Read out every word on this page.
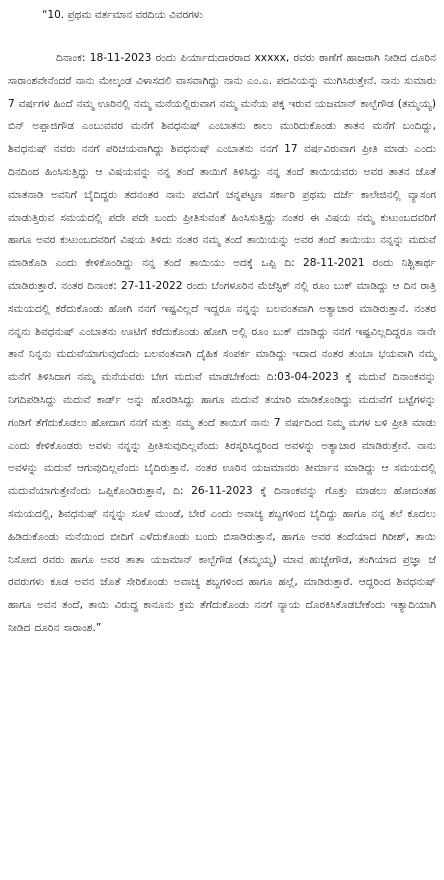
“10. ಪ್ರಥಮ ವರ್ತಮಾನ ವರದಿಯ ವಿವರಗಳು

ದಿನಾಂಕ: 18-11-2023 ರಂದು ಪಿರ್ಯಾದುದಾರರಾದ xxxxx, ರವರು ಠಾಣೆಗೆ ಹಾಜರಾಗಿ ನೀಡಿದ ದೂರಿನ ಸಾರಾಂಶವೇನೆಂದರೆ ನಾನು ಮೇಲ್ಕಂಡ ವಿಳಾಸದಲಿ ವಾಸವಾಗಿದ್ದು ನಾನು ಎಂ.ಎ. ಪದವಿಯನ್ನು ಮುಗಿಸಿರುತ್ತೇನೆ. ನಾನು ಸುಮಾರು 7 ವರ್ಷಗಳ ಹಿಂದೆ ನಮ್ಮ ಊರಿನಲ್ಲಿ ನಮ್ಮ ಮನೆಯಲ್ಲಿರುವಾಗ ನಮ್ಮ ಮನೆಯ ಪಕ್ಕ ಇರುವ ಯಜಮಾನ್ ಕಾಲ್ಬೆಗೌಡ (ತಮ್ಮಯ್ಯ) ಬಿನ್ ಅಪ್ಪಾಜಿಗೌಡ ಎಂಬುವವರ ಮನೆಗೆ ಶಿವಧನುಷ್ ಎಂಬಾತನು ಕಾಲು ಮುರಿದುಕೊಂಡು ತಾತನ ಮನೆಗೆ ಬಂದಿದ್ದು, ಶಿವಧನುಷ್ ನವರು ನನಗೆ ಪರಿಚಯವಾಗಿದ್ದು ಶಿವಧನುಷ್ ಎಂಬಾತನು ನನಗೆ 17 ವರ್ಷವಿರುವಾಗ ಪ್ರೀತಿ ಮಾಡು ಎಂದು ದಿನದಿಂದ ಹಿಂಸಿಸುತ್ತಿದ್ದು ಆ ವಿಷಯವನ್ನು ನನ್ನ ತಂದೆ ತಾಯಿಗೆ ತಿಳಿಸಿದ್ದು ನನ್ನ ತಂದೆ ತಾಯಿಯವರು ಅವರ ತಾತನ ಜೊತೆ ಮಾತನಾಡಿ ಅವನಿಗೆ ಬೈದಿದ್ದರು ತದನಂತರ ನಾನು ಪದವಿಗೆ ಚನ್ನಪಟ್ಟಣ ಸರ್ಕಾರಿ ಪ್ರಥಮ ದರ್ಜೆ ಕಾಲೇಜಿನಲ್ಲಿ ವ್ಯಾಸಂಗ ಮಾಡುತ್ತಿರುವ ಸಮಯದಲ್ಲಿ ಪದೇ ಪದೇ ಬಂದು ಪ್ರೀತಿಸುವಂತೆ ಹಿಂಸಿಸುತ್ತಿದ್ದು ನಂತರ ಈ ವಿಷಯ ನಮ್ಮ ಕುಟುಂಬದವರಿಗೆ ಹಾಗೂ ಅವರ ಕುಟುಂಬದವರಿಗೆ ವಿಷಯ ತಿಳಿದು ನಂತರ ನಮ್ಮ ತಂದೆ ತಾಯಿಯನ್ನು ಅವರ ತಂದೆ ತಾಯಿಯು ನನ್ನನ್ನು ಮದುವೆ ಮಾಡಿಕೊಡಿ ಎಂದು ಕೇಳಿಕೊಂಡಿದ್ದು ನನ್ನ ತಂದೆ ತಾಯಿಯು ಅದಕ್ಕೆ ಒಪ್ಪಿ ದಿ: 28-11-2021 ರಂದು ನಿಶ್ಚಿತಾರ್ಥ ಮಾಡಿರುತ್ತಾರೆ. ನಂತರ ದಿನಾಂಕ: 27-11-2022 ರಂದು ಬೆಂಗಳೂರಿನ ಮೆಜೆಸ್ಟಿಕ್ ನಲ್ಲಿ ರೂಂ ಬುಕ್ ಮಾಡಿದ್ದು ಆ ದಿನ ರಾತ್ರಿ ಸಮಯದಲ್ಲಿ ಕರೆದುಕೊಂಡು ಹೋಗಿ ನನಗೆ ಇಷ್ಟವಿಲ್ಲದೆ ಇದ್ದರೂ ನನ್ನನ್ನು ಬಲವಂತವಾಗಿ ಅತ್ಯಾಚಾರ ಮಾಡಿರುತ್ತಾನೆ. ನಂತರ ನನ್ನನು ಶಿವಧನುಷ್ ಎಂಬಾತನು ಊಟಿಗೆ ಕರೆದುಕೊಂಡು ಹೋಗಿ ಅಲ್ಲಿ ರೂಂ ಬುಕ್ ಮಾಡಿದ್ದು ನನಗೆ ಇಷ್ಟವಿಲ್ಲದಿದ್ದರೂ ನಾನೇ ತಾನೆ ನಿನ್ನನು ಮದುವೆಯಾಗುವುದೆಂದು ಬಲವಂತವಾಗಿ ದೈಹಿಕ ಸಂಪರ್ಕ ಮಾಡಿದ್ದು ಇದಾದ ನಂತರ ತುಂಬಾ ಭಯವಾಗಿ ನಮ್ಮ ಮನೆಗೆ ತಿಳಿಸಿದಾಗ ನಮ್ಮ ಮನೆಯವರು ಬೇಗ ಮದುವೆ ಮಾಡಬೇಕೆಂದು ದಿ:03-04-2023 ಕ್ಕೆ ಮದುವೆ ದಿನಾಂಕವನ್ನು ನಿಗದಿಪಡಿಸಿದ್ದು ಮದುವೆ ಕಾರ್ಡ್ ಅನ್ನು ಹೊರಡಿಸಿದ್ದು ಹಾಗೂ ಮದುವೆ ತಯಾರಿ ಮಾಡಿಕೊಂಡಿದ್ದು ಮದುವೆಗೆ ಬಟ್ಟೆಗಳನ್ನು ಗಂಡಿಗೆ ತೆಗೆದುಕೊಡಲು ಹೋದಾಗ ನನಗೆ ಮತ್ತು ನಮ್ಮ ತಂದೆ ತಾಯಿಗೆ ನಾನು 7 ವರ್ಷದಿಂದ ನಿಮ್ಮ ಮಗಳ ಬಳಿ ಪ್ರೀತಿ ಮಾಡು ಎಂದು ಕೇಳಿಕೊಂಡರು ಅವಳು ನನ್ನನ್ನು ಪ್ರೀತಿಸುವುದಿಲ್ಲವೆಂದು ತಿರಸ್ಕರಿಸಿದ್ದರಿಂದ ಅವಳನ್ನು ಅತ್ಯಾಚಾರ ಮಾಡಿರುತ್ತೇನೆ. ನಾನು ಅವಳನ್ನು ಮದುವೆ ಆಗುವುದಿಲ್ಲವೆಂದು ಬೈದಿರುತ್ತಾನೆ. ನಂತರ ಊರಿನ ಯಜಮಾನರು ತೀರ್ಮಾನ ಮಾಡಿದ್ದು ಆ ಸಮಯದಲ್ಲಿ ಮದುವೆಯಾಗುತ್ತೇನೆಂದು ಒಪ್ಪಿಕೊಂಡಿರುತ್ತಾನೆ, ದಿ: 26-11-2023 ಕ್ಕೆ ದಿನಾಂಕವನ್ನು ಗೊತ್ತು ಮಾಡಲು ಹೋದಂತಹ ಸಮಯದಲ್ಲಿ, ಶಿವಧನುಷ್ ನನ್ನನ್ನು ಸೂಳೆ ಮುಂಡೆ, ಬೇರೆ ಎಂದು ಅವಾಚ್ಯ ಶಬ್ದಗಳಿಂದ ಬೈದಿದ್ದು ಹಾಗೂ ನನ್ನ ತಲೆ ಕೂದಲು ಹಿಡಿದುಕೊಂಡು ಮನೆಯಿಂದ ಬೀದಿಗೆ ಎಳೆದುಕೊಂಡು ಬಂದು ಬಿಸಾಡಿರುತ್ತಾನೆ, ಹಾಗೂ ಅವರ ತಂದೆಯಾದ ಗಿರೀಶ್, ತಾಯಿ ನಿಸೋದ ರವರು ಹಾಗೂ ಅವರ ತಾತಾ ಯಜಮಾನ್ ಕಾಲ್ಬೆಗೌಡ (ತಮ್ಮಯ್ಯ) ಮಾವ ಹುಚ್ಚೇಗೌಡ, ತಂಗಿಯಾದ ಪ್ರಜ್ಞಾ ಜೆ ರವರುಗಳು ಕೂಡ ಅವನ ಜೊತೆ ಸೇರಿಕೊಂಡು ಅವಾಚ್ಯ ಶಬ್ದಗಳಿಂದ ಹಾಗೂ ಹಲ್ಲೆ, ಮಾಡಿರುತ್ತಾರೆ. ಆದ್ದರಿಂದ ಶಿವಧನುಷ್ ಹಾಗೂ ಅವನ ತಂದೆ, ತಾಯಿ ವಿರುದ್ಧ ಕಾನೂನು ಕ್ರಮ ತೆಗೆದುಕೊಂಡು ನನಗೆ ನ್ಯಾಯ ದೊರಕಿಸಿಕೊಡಬೇಕೆಂದು ಇತ್ಯಾದಿಯಾಗಿ ನೀಡಿದ ದೂರಿನ ಸಾರಾಂಶ.”
